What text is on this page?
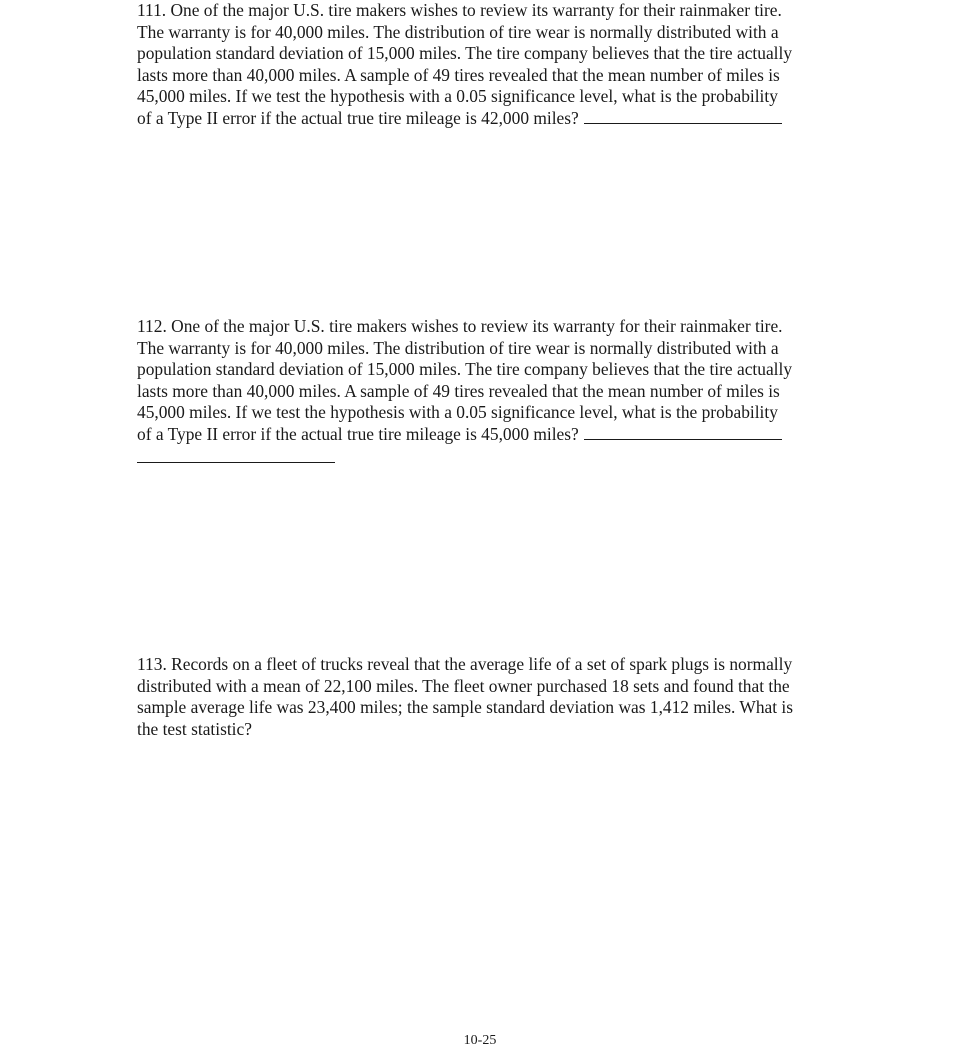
111. One of the major U.S. tire makers wishes to review its warranty for their rainmaker tire.
The warranty is for 40,000 miles. The distribution of tire wear is normally distributed with a
population standard deviation of 15,000 miles. The tire company believes that the tire actually
lasts more than 40,000 miles. A sample of 49 tires revealed that the mean number of miles is
45,000 miles. If we test the hypothesis with a 0.05 significance level, what is the probability
of a Type II error if the actual true tire mileage is 42,000 miles?
112. One of the major U.S. tire makers wishes to review its warranty for their rainmaker tire.
The warranty is for 40,000 miles. The distribution of tire wear is normally distributed with a
population standard deviation of 15,000 miles. The tire company believes that the tire actually
lasts more than 40,000 miles. A sample of 49 tires revealed that the mean number of miles is
45,000 miles. If we test the hypothesis with a 0.05 significance level, what is the probability
of a Type II error if the actual true tire mileage is 45,000 miles?
113. Records on a fleet of trucks reveal that the average life of a set of spark plugs is normally
distributed with a mean of 22,100 miles. The fleet owner purchased 18 sets and found that the
sample average life was 23,400 miles; the sample standard deviation was 1,412 miles. What is
the test statistic?
10-25
